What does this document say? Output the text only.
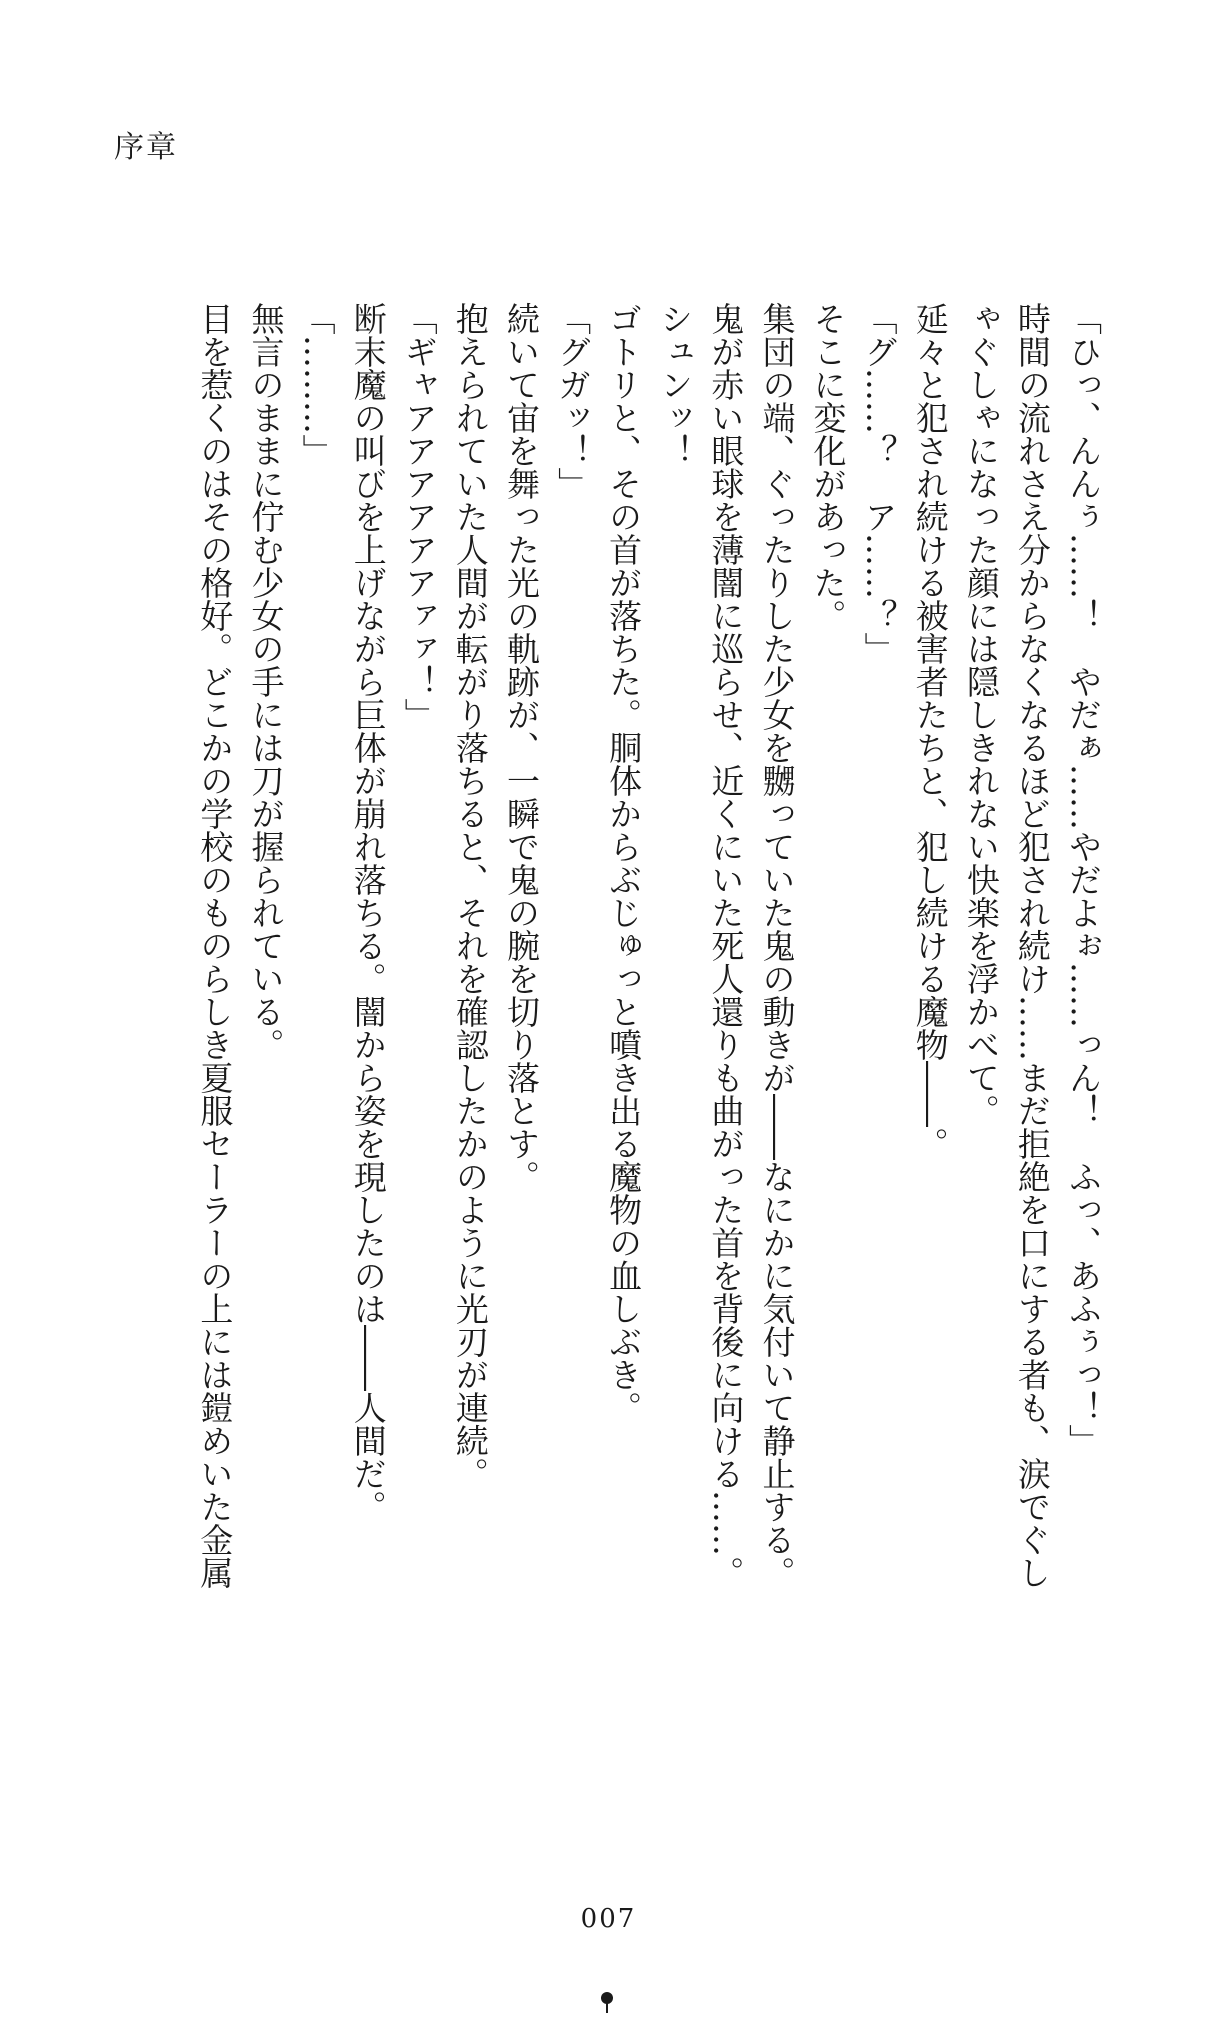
序章

「ひっ、んんぅ……！　やだぁ……やだよぉ……っん！　ふっ、あふぅっ！」

時間の流れさえ分からなくなるほど犯され続け……まだ拒絶を口にする者も、涙でぐし

ゃぐしゃになった顔には隠しきれない快楽を浮かべて。

延々と犯され続ける被害者たちと、犯し続ける魔物――。

「グ……？　ア……？」

そこに変化があった。

集団の端、ぐったりした少女を嬲っていた鬼の動きが――なにかに気付いて静止する。

鬼が赤い眼球を薄闇に巡らせ、近くにいた死人還りも曲がった首を背後に向ける……。

シュンッ！

ゴトリと、その首が落ちた。胴体からぶじゅっと噴き出る魔物の血しぶき。

「グガッ！」

続いて宙を舞った光の軌跡が、一瞬で鬼の腕を切り落とす。

抱えられていた人間が転がり落ちると、それを確認したかのように光刃が連続。

「ギャアアアアアアァァ！」

断末魔の叫びを上げながら巨体が崩れ落ちる。闇から姿を現したのは――人間だ。

「………」

無言のままに佇む少女の手には刀が握られている。

目を惹くのはその格好。どこかの学校のものらしき夏服セーラーの上には鎧めいた金属

007
